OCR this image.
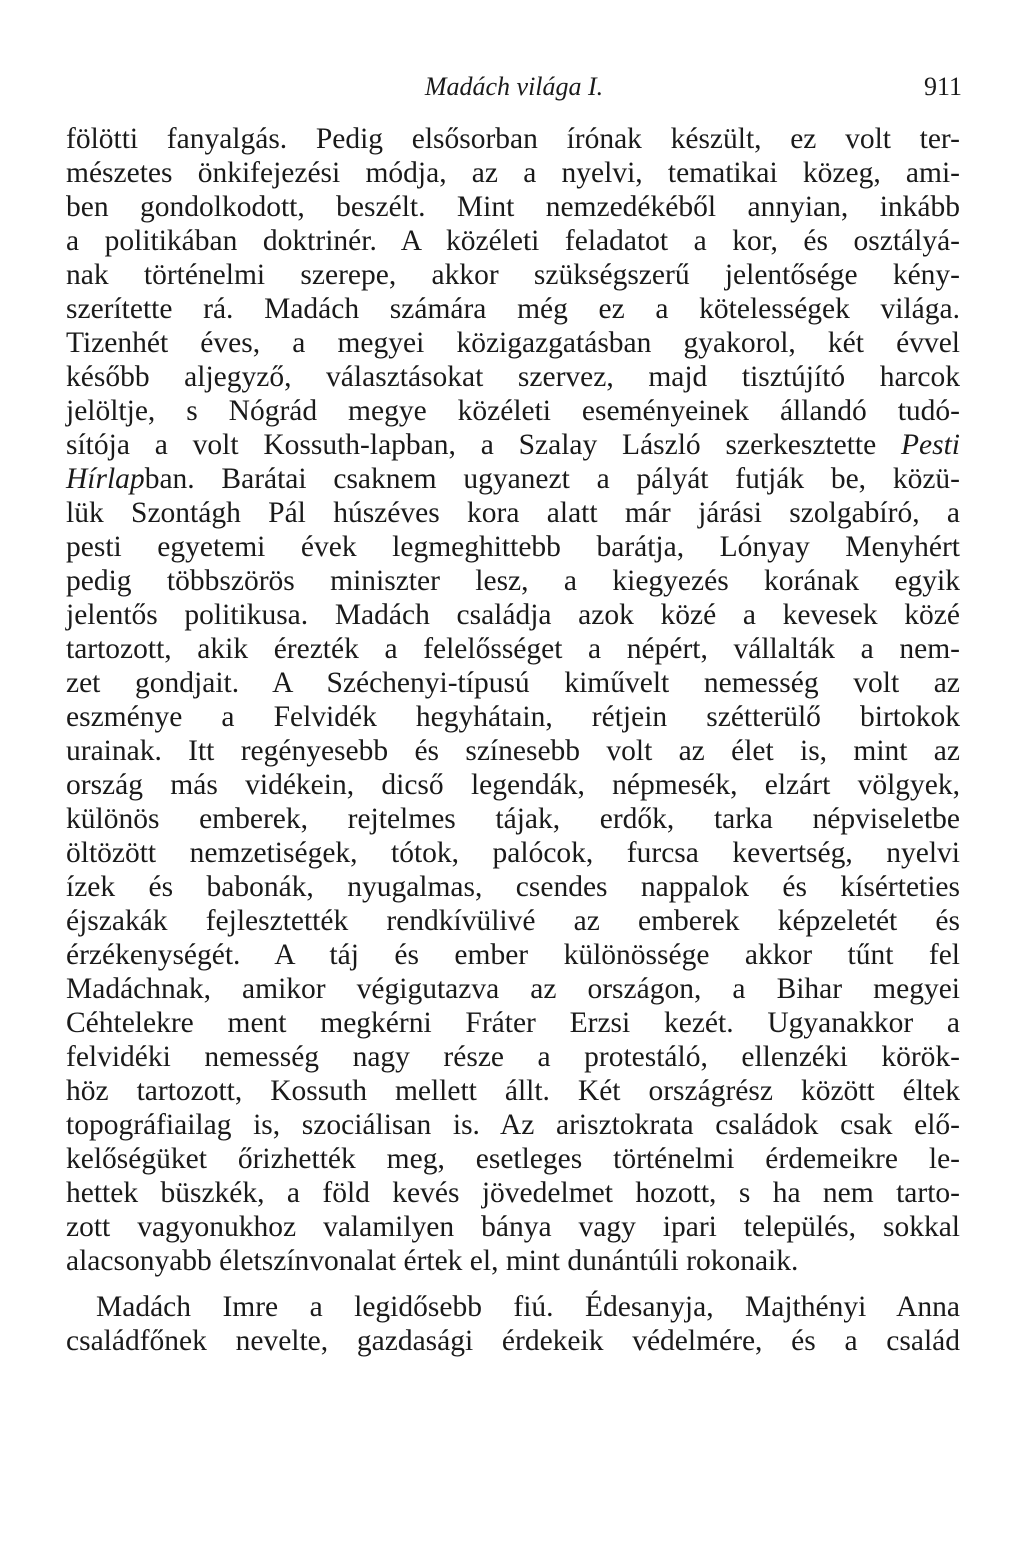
Madách világa I.	911

fölötti fanyalgás. Pedig elsősorban írónak készült, ez volt ter-

mészetes önkifejezési módja, az a nyelvi, tematikai közeg, ami-

ben gondolkodott, beszélt. Mint nemzedékéből annyian, inkább

a politikában doktrinér. A közéleti feladatot a kor, és osztályá-

nak történelmi szerepe, akkor szükségszerű jelentősége kény-

szerítette rá. Madách számára még ez a kötelességek világa.

Tizenhét éves, a megyei közigazgatásban gyakorol, két évvel

később aljegyző, választásokat szervez, majd tisztújító harcok

jelöltje, s Nógrád megye közéleti eseményeinek állandó tudó-

sítója a volt Kossuth-lapban, a Szalay László szerkesztette Pesti

Hírlapban. Barátai csaknem ugyanezt a pályát futják be, közü-

lük Szontágh Pál húszéves kora alatt már járási szolgabíró, a

pesti egyetemi évek legmeghittebb barátja, Lónyay Menyhért

pedig többszörös miniszter lesz, a kiegyezés korának egyik

jelentős politikusa. Madách családja azok közé a kevesek közé

tartozott, akik érezték a felelősséget a népért, vállalták a nem-

zet gondjait. A Széchenyi-típusú kiművelt nemesség volt az

eszménye a Felvidék hegyhátain, rétjein szétterülő birtokok

urainak. Itt regényesebb és színesebb volt az élet is, mint az

ország más vidékein, dicső legendák, népmesék, elzárt völgyek,

különös emberek, rejtelmes tájak, erdők, tarka népviseletbe

öltözött nemzetiségek, tótok, palócok, furcsa kevertség, nyelvi

ízek és babonák, nyugalmas, csendes nappalok és kísérteties

éjszakák fejlesztették rendkívülivé az emberek képzeletét és

érzékenységét. A táj és ember különössége akkor tűnt fel

Madáchnak, amikor végigutazva az országon, a Bihar megyei

Céhtelekre ment megkérni Fráter Erzsi kezét. Ugyanakkor a

felvidéki nemesség nagy része a protestáló, ellenzéki körök-

höz tartozott, Kossuth mellett állt. Két országrész között éltek

topográfiailag is, szociálisan is. Az arisztokrata családok csak elő-

kelőségüket őrizhették meg, esetleges történelmi érdemeikre le-

hettek büszkék, a föld kevés jövedelmet hozott, s ha nem tarto-

zott vagyonukhoz valamilyen bánya vagy ipari település, sokkal

alacsonyabb életszínvonalat értek el, mint dunántúli rokonaik.

Madách Imre a legidősebb fiú. Édesanyja, Majthényi Anna

családfőnek nevelte, gazdasági érdekeik védelmére, és a család
